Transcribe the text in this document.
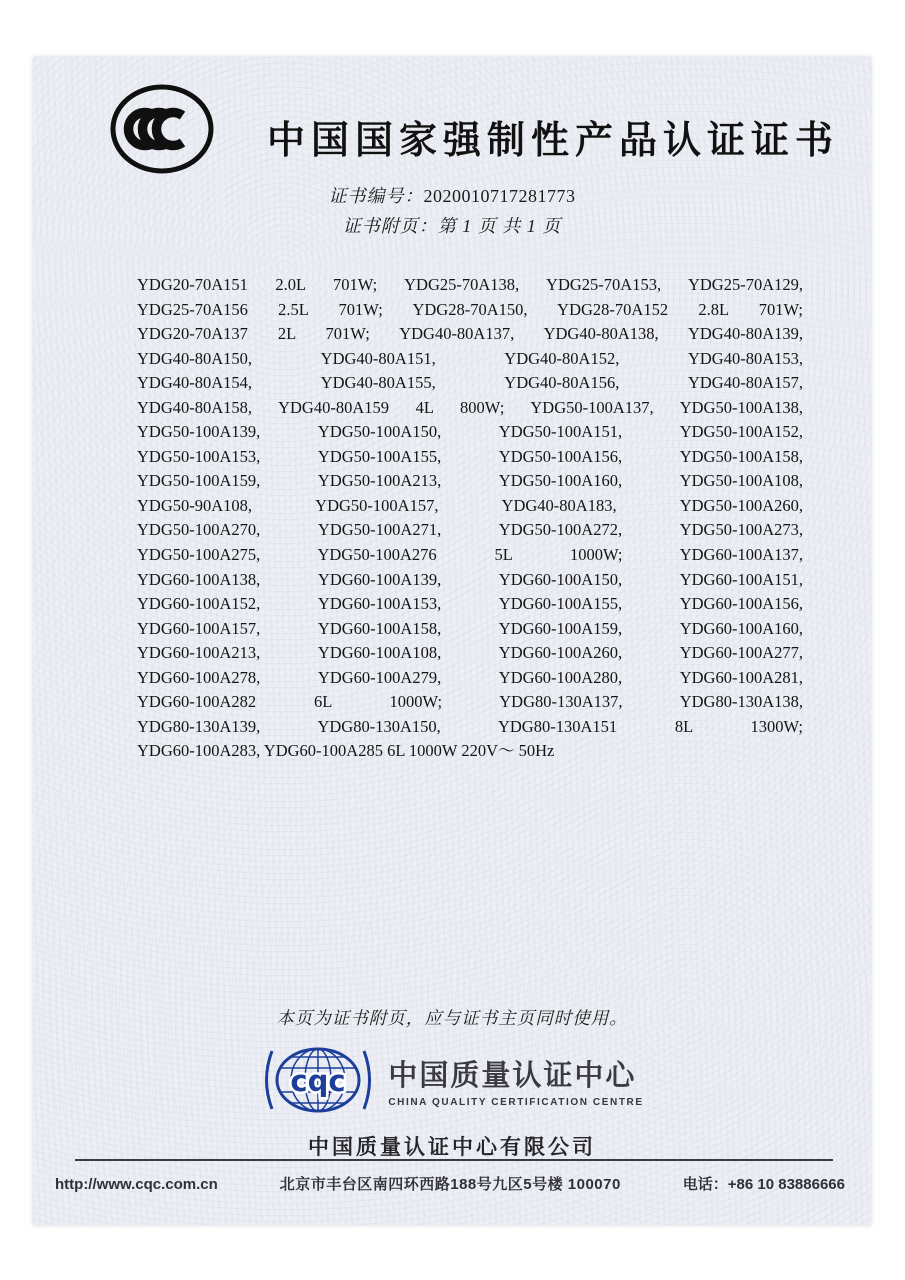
中国国家强制性产品认证证书
证书编号：2020010717281773
证书附页：第 1 页 共 1 页
YDG20-70A151 2.0L 701W; YDG25-70A138, YDG25-70A153, YDG25-70A129,
YDG25-70A156 2.5L 701W; YDG28-70A150, YDG28-70A152 2.8L 701W;
YDG20-70A137 2L 701W; YDG40-80A137, YDG40-80A138, YDG40-80A139,
YDG40-80A150, YDG40-80A151, YDG40-80A152, YDG40-80A153,
YDG40-80A154, YDG40-80A155, YDG40-80A156, YDG40-80A157,
YDG40-80A158, YDG40-80A159 4L 800W; YDG50-100A137, YDG50-100A138,
YDG50-100A139, YDG50-100A150, YDG50-100A151, YDG50-100A152,
YDG50-100A153, YDG50-100A155, YDG50-100A156, YDG50-100A158,
YDG50-100A159, YDG50-100A213, YDG50-100A160, YDG50-100A108,
YDG50-90A108, YDG50-100A157, YDG40-80A183, YDG50-100A260,
YDG50-100A270, YDG50-100A271, YDG50-100A272, YDG50-100A273,
YDG50-100A275, YDG50-100A276 5L 1000W; YDG60-100A137,
YDG60-100A138, YDG60-100A139, YDG60-100A150, YDG60-100A151,
YDG60-100A152, YDG60-100A153, YDG60-100A155, YDG60-100A156,
YDG60-100A157, YDG60-100A158, YDG60-100A159, YDG60-100A160,
YDG60-100A213, YDG60-100A108, YDG60-100A260, YDG60-100A277,
YDG60-100A278, YDG60-100A279, YDG60-100A280, YDG60-100A281,
YDG60-100A282 6L 1000W; YDG80-130A137, YDG80-130A138,
YDG80-130A139, YDG80-130A150, YDG80-130A151 8L 1300W;
YDG60-100A283, YDG60-100A285 6L 1000W 220V～ 50Hz
本页为证书附页，应与证书主页同时使用。
cqc 中国质量认证中心
CHINA QUALITY CERTIFICATION CENTRE
中国质量认证中心有限公司
http://www.cqc.com.cn	北京市丰台区南四环西路188号九区5号楼 100070	电话：+86 10 83886666
